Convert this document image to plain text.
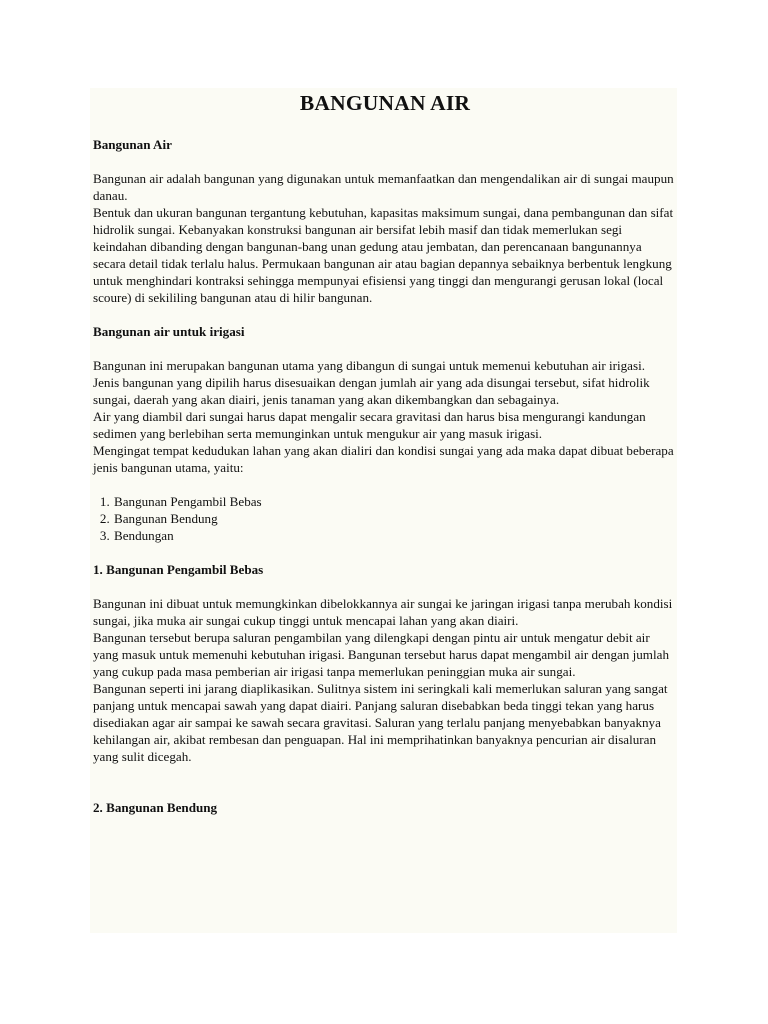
BANGUNAN AIR
Bangunan Air

Bangunan air adalah bangunan yang digunakan untuk memanfaatkan dan mengendalikan air di sungai maupun danau.

Bentuk dan ukuran bangunan tergantung kebutuhan, kapasitas maksimum sungai, dana pembangunan dan sifat hidrolik sungai. Kebanyakan konstruksi bangunan air bersifat lebih masif dan tidak memerlukan segi keindahan dibanding dengan bangunan-bang unan gedung atau jembatan, dan perencanaan bangunannya secara detail tidak terlalu halus. Permukaan bangunan air atau bagian depannya sebaiknya berbentuk lengkung untuk menghindari kontraksi sehingga mempunyai efisiensi yang tinggi dan mengurangi gerusan lokal (local scoure) di sekililing bangunan atau di hilir bangunan.

Bangunan air untuk irigasi

Bangunan ini merupakan bangunan utama yang dibangun di sungai untuk memenui kebutuhan air irigasi.

Jenis bangunan yang dipilih harus disesuaikan dengan jumlah air yang ada disungai tersebut, sifat hidrolik sungai, daerah yang akan diairi, jenis tanaman yang akan dikembangkan dan sebagainya.

Air yang diambil dari sungai harus dapat mengalir secara gravitasi dan harus bisa mengurangi kandungan sedimen yang berlebihan serta memunginkan untuk mengukur air yang masuk irigasi.

Mengingat tempat kedudukan lahan yang akan dialiri dan kondisi sungai yang ada maka dapat dibuat beberapa jenis bangunan utama, yaitu:

1. Bangunan Pengambil Bebas
2. Bangunan Bendung
3. Bendungan
1. Bangunan Pengambil Bebas

Bangunan ini dibuat untuk memungkinkan dibelokkannya air sungai ke jaringan irigasi tanpa merubah kondisi sungai, jika muka air sungai cukup tinggi untuk mencapai lahan yang akan diairi.

Bangunan tersebut berupa saluran pengambilan yang dilengkapi dengan pintu air untuk mengatur debit air yang masuk untuk memenuhi kebutuhan irigasi. Bangunan tersebut harus dapat mengambil air dengan jumlah yang cukup pada masa pemberian air irigasi tanpa memerlukan peninggian muka air sungai.

Bangunan seperti ini jarang diaplikasikan. Sulitnya sistem ini seringkali kali memerlukan saluran yang sangat panjang untuk mencapai sawah yang dapat diairi. Panjang saluran disebabkan beda tinggi tekan yang harus disediakan agar air sampai ke sawah secara gravitasi. Saluran yang terlalu panjang menyebabkan banyaknya kehilangan air, akibat rembesan dan penguapan. Hal ini memprihatinkan banyaknya pencurian air disaluran yang sulit dicegah.

2. Bangunan Bendung
